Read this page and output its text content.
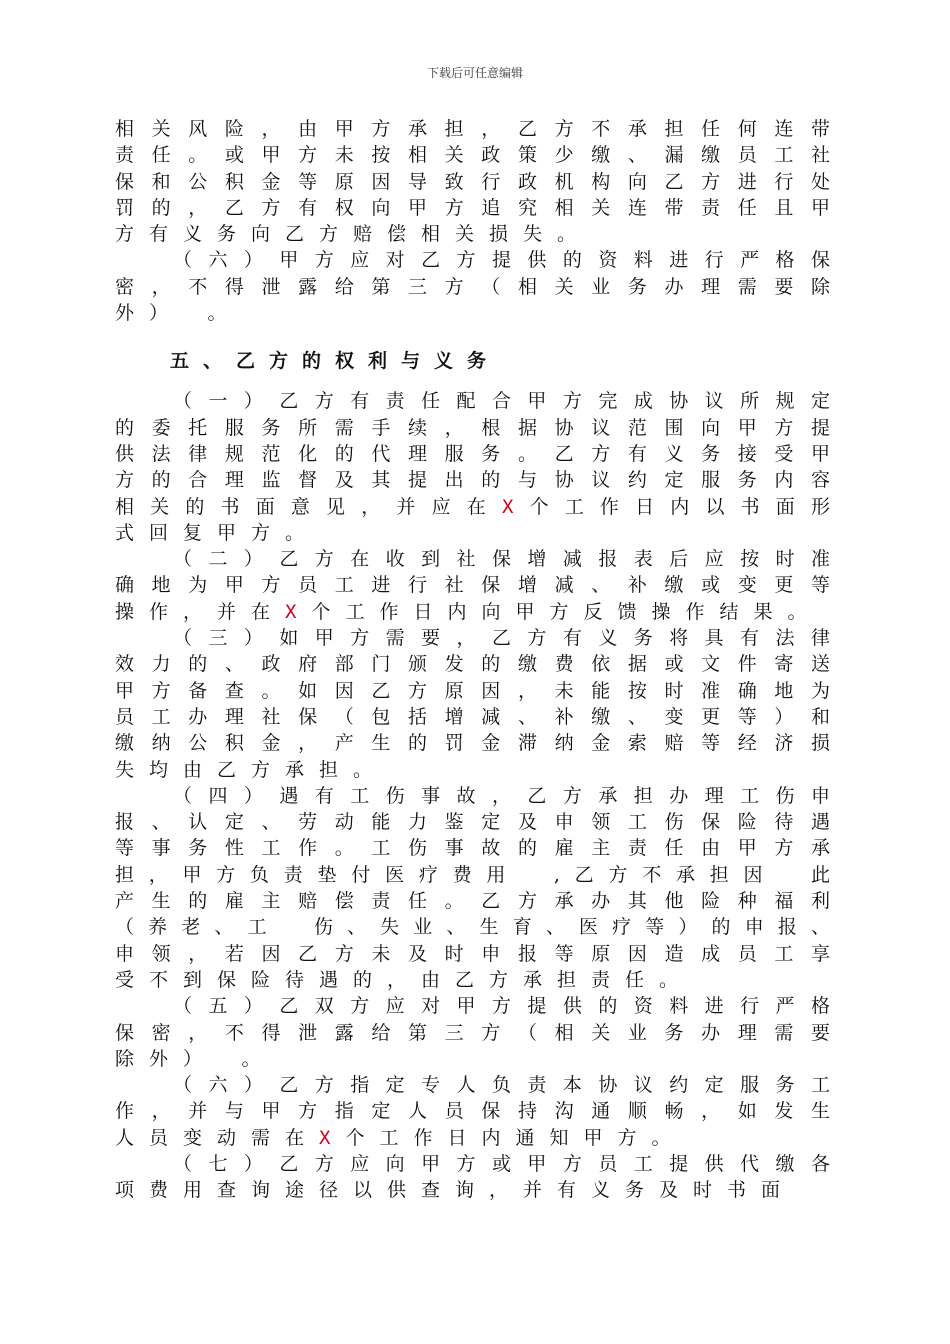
下载后可任意编辑
相关风险，由甲方承担，乙方不承担任何连带
责任。或甲方未按相关政策少缴、漏缴员工社
保和公积金等原因导致行政机构向乙方进行处
罚的，乙方有权向甲方追究相关连带责任且甲
方有义务向乙方赔偿相关损失。
（六）甲方应对乙方提供的资料进行严格保
密，不得泄露给第三方（相关业务办理需要除
外）　。
五、乙方的权利与义务
（一）乙方有责任配合甲方完成协议所规定
的委托服务所需手续，根据协议范围向甲方提
供法律规范化的代理服务。乙方有义务接受甲
方的合理监督及其提出的与协议约定服务内容
相关的书面意见，并应在X个工作日内以书面形
式回复甲方。
（二）乙方在收到社保增减报表后应按时准
确地为甲方员工进行社保增减、补缴或变更等
操作，并在X个工作日内向甲方反馈操作结果。
（三）如甲方需要，乙方有义务将具有法律
效力的、政府部门颁发的缴费依据或文件寄送
甲方备查。如因乙方原因，未能按时准确地为
员工办理社保（包括增减、补缴、变更等）和
缴纳公积金，产生的罚金滞纳金索赔等经济损
失均由乙方承担。
（四）遇有工伤事故，乙方承担办理工伤申
报、认定、劳动能力鉴定及申领工伤保险待遇
等事务性工作。工伤事故的雇主责任由甲方承
担，甲方负责垫付医疗费用　,乙方不承担因　此
产生的雇主赔偿责任。乙方承办其他险种福利
（养老、工　伤、失业、生育、医疗等）的申报、
申领，若因乙方未及时申报等原因造成员工享
受不到保险待遇的，由乙方承担责任。
（五）乙双方应对甲方提供的资料进行严格
保密，不得泄露给第三方（相关业务办理需要
除外）　。
（六）乙方指定专人负责本协议约定服务工
作，并与甲方指定人员保持沟通顺畅，如发生
人员变动需在X个工作日内通知甲方。
（七）乙方应向甲方或甲方员工提供代缴各
项费用查询途径以供查询，并有义务及时书面
